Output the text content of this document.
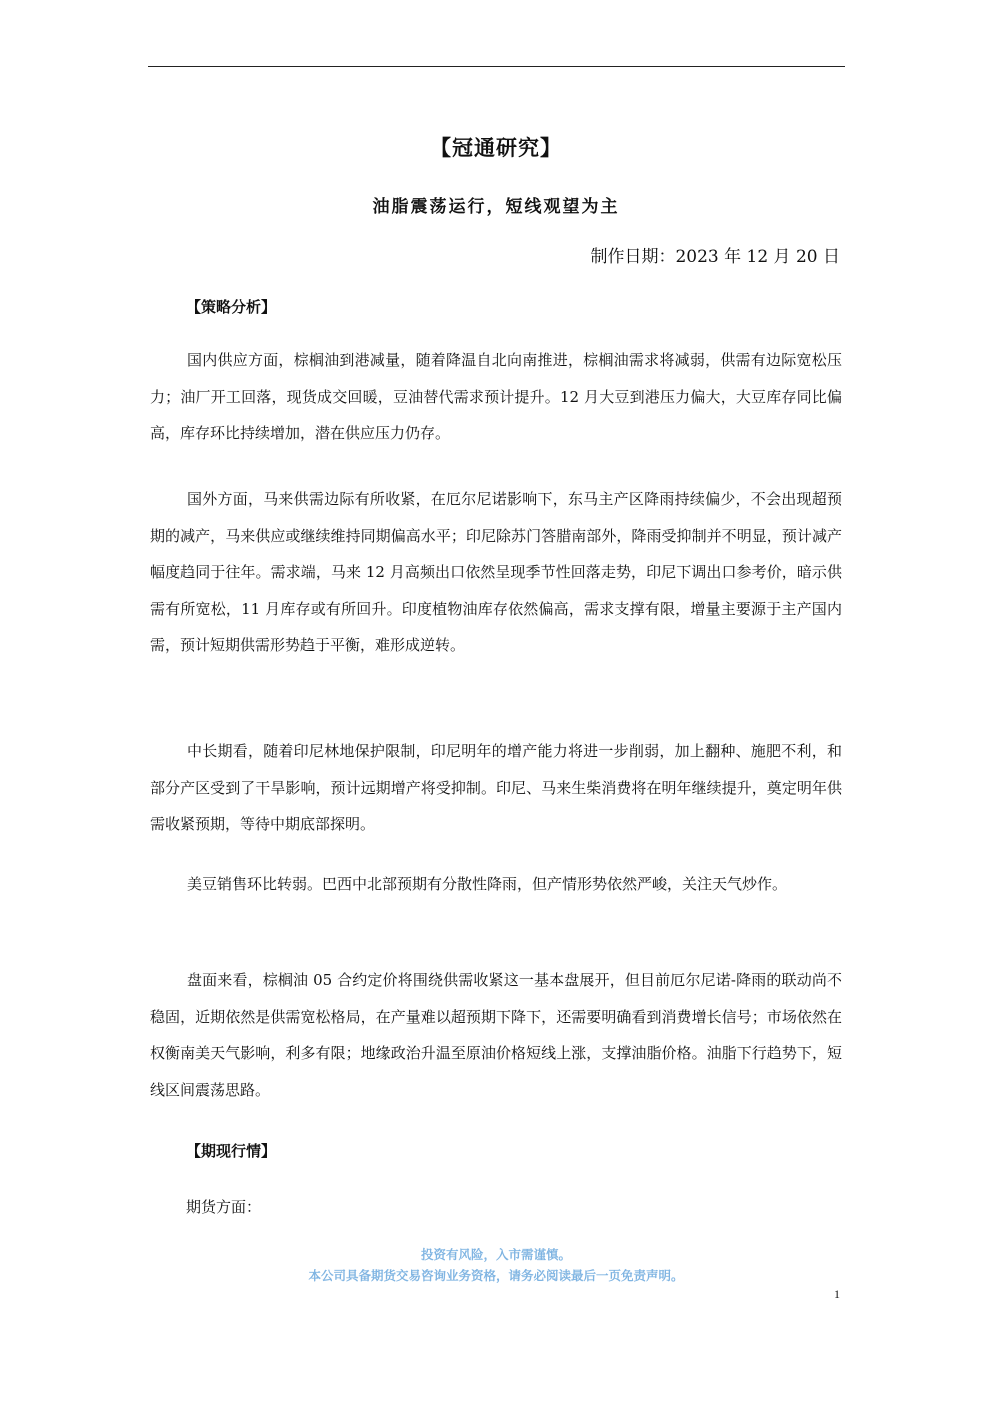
【冠通研究】
油脂震荡运行，短线观望为主
制作日期：2023 年 12 月 20 日
【策略分析】

国内供应方面，棕榈油到港减量，随着降温自北向南推进，棕榈油需求将减弱，供需有边际宽松压力；油厂开工回落，现货成交回暖，豆油替代需求预计提升。12 月大豆到港压力偏大，大豆库存同比偏高，库存环比持续增加，潜在供应压力仍存。

国外方面，马来供需边际有所收紧，在厄尔尼诺影响下，东马主产区降雨持续偏少，不会出现超预期的减产，马来供应或继续维持同期偏高水平；印尼除苏门答腊南部外，降雨受抑制并不明显，预计减产幅度趋同于往年。需求端，马来 12 月高频出口依然呈现季节性回落走势，印尼下调出口参考价，暗示供需有所宽松，11 月库存或有所回升。印度植物油库存依然偏高，需求支撑有限，增量主要源于主产国内需，预计短期供需形势趋于平衡，难形成逆转。

中长期看，随着印尼林地保护限制，印尼明年的增产能力将进一步削弱，加上翻种、施肥不利，和部分产区受到了干旱影响，预计远期增产将受抑制。印尼、马来生柴消费将在明年继续提升，奠定明年供需收紧预期，等待中期底部探明。

美豆销售环比转弱。巴西中北部预期有分散性降雨，但产情形势依然严峻，关注天气炒作。

盘面来看，棕榈油 05 合约定价将围绕供需收紧这一基本盘展开，但目前厄尔尼诺-降雨的联动尚不稳固，近期依然是供需宽松格局，在产量难以超预期下降下，还需要明确看到消费增长信号；市场依然在权衡南美天气影响，利多有限；地缘政治升温至原油价格短线上涨，支撑油脂价格。油脂下行趋势下，短线区间震荡思路。

【期现行情】
期货方面：
投资有风险，入市需谨慎。
本公司具备期货交易咨询业务资格，请务必阅读最后一页免责声明。
1
